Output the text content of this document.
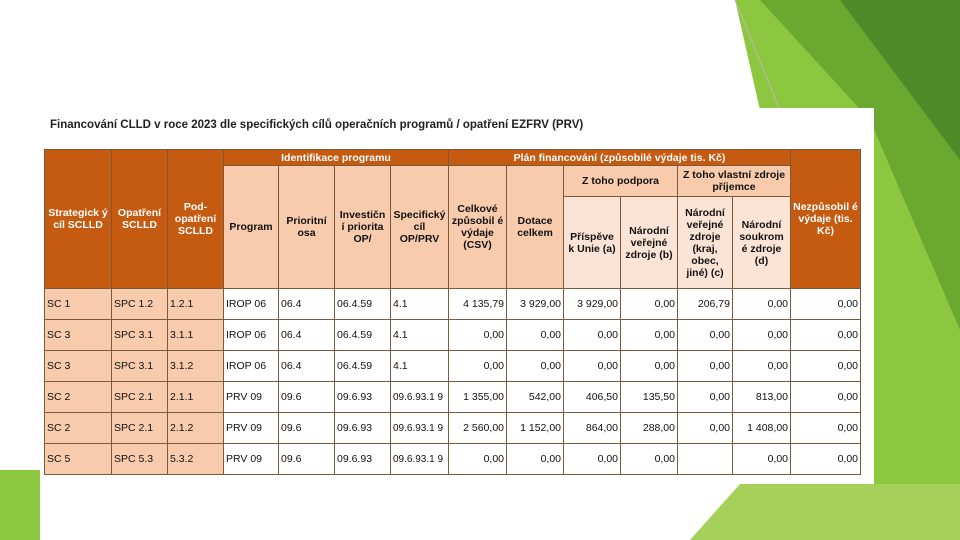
Financování CLLD v roce 2023 dle specifických cílů operačních programů / opatření EZFRV (PRV)
Strategick ý cíl SCLLD	Opatření SCLLD	Pod-opatření SCLLD	Identifikace programu				Plán financování (způsobilé výdaje tis. Kč)						Nezpůsobil é výdaje (tis. Kč)
			Program	Prioritní osa	Investičn í priorita OP/	Specifický cíl OP/PRV	Celkové způsobil é výdaje (CSV)	Dotace celkem	Z toho podpora		Z toho vlastní zdroje příjemce		
									Příspěve k Unie (a)	Národní veřejné zdroje (b)	Národní veřejné zdroje (kraj, obec, jiné) (c)	Národní soukrom é zdroje (d)	
SC 1	SPC 1.2	1.2.1	IROP 06	06.4	06.4.59	4.1	4 135,79	3 929,00	3 929,00	0,00	206,79	0,00	0,00
SC 3	SPC 3.1	3.1.1	IROP 06	06.4	06.4.59	4.1	0,00	0,00	0,00	0,00	0,00	0,00	0,00
SC 3	SPC 3.1	3.1.2	IROP 06	06.4	06.4.59	4.1	0,00	0,00	0,00	0,00	0,00	0,00	0,00
SC 2	SPC 2.1	2.1.1	PRV 09	09.6	09.6.93	09.6.93.1 9	1 355,00	542,00	406,50	135,50	0,00	813,00	0,00
SC 2	SPC 2.1	2.1.2	PRV 09	09.6	09.6.93	09.6.93.1 9	2 560,00	1 152,00	864,00	288,00	0,00	1 408,00	0,00
SC 5	SPC 5.3	5.3.2	PRV 09	09.6	09.6.93	09.6.93.1 9	0,00	0,00	0,00	0,00		0,00	0,00
